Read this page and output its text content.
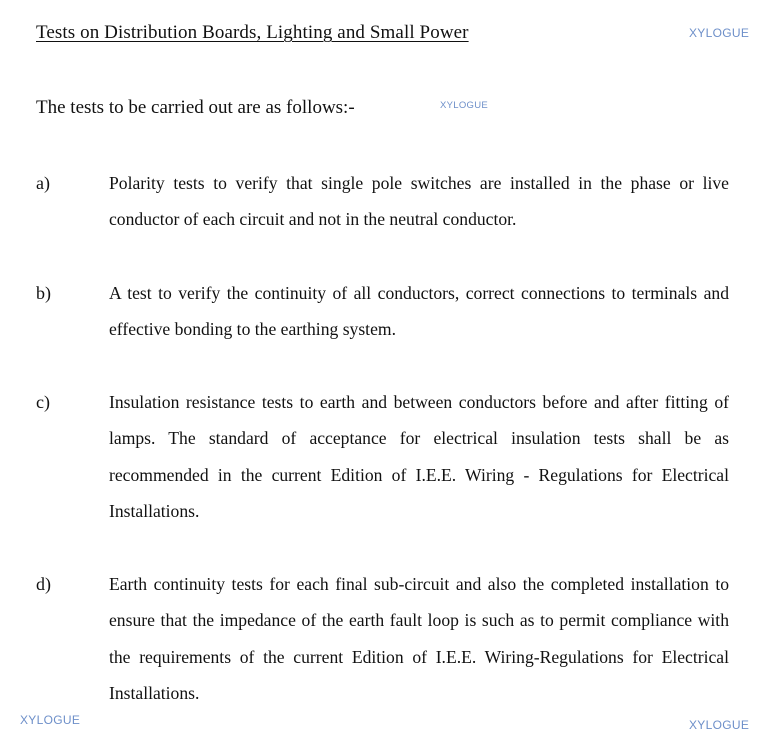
Tests on Distribution Boards, Lighting and Small Power	XYLOGUE
The tests to be carried out are as follows:-	XYLOGUE
a)	Polarity tests to verify that single pole switches are installed in the phase or live conductor of each circuit and not in the neutral conductor.
b)	A test to verify the continuity of all conductors, correct connections to terminals and effective bonding to the earthing system.
c)	Insulation resistance tests to earth and between conductors before and after fitting of lamps. The standard of acceptance for electrical insulation tests shall be as recommended in the current Edition of I.E.E. Wiring - Regulations for Electrical Installations.
d)	Earth continuity tests for each final sub-circuit and also the completed installation to ensure that the impedance of the earth fault loop is such as to permit compliance with the requirements of the current Edition of I.E.E. Wiring-Regulations for Electrical Installations.
XYLOGUE	XYLOGUE
